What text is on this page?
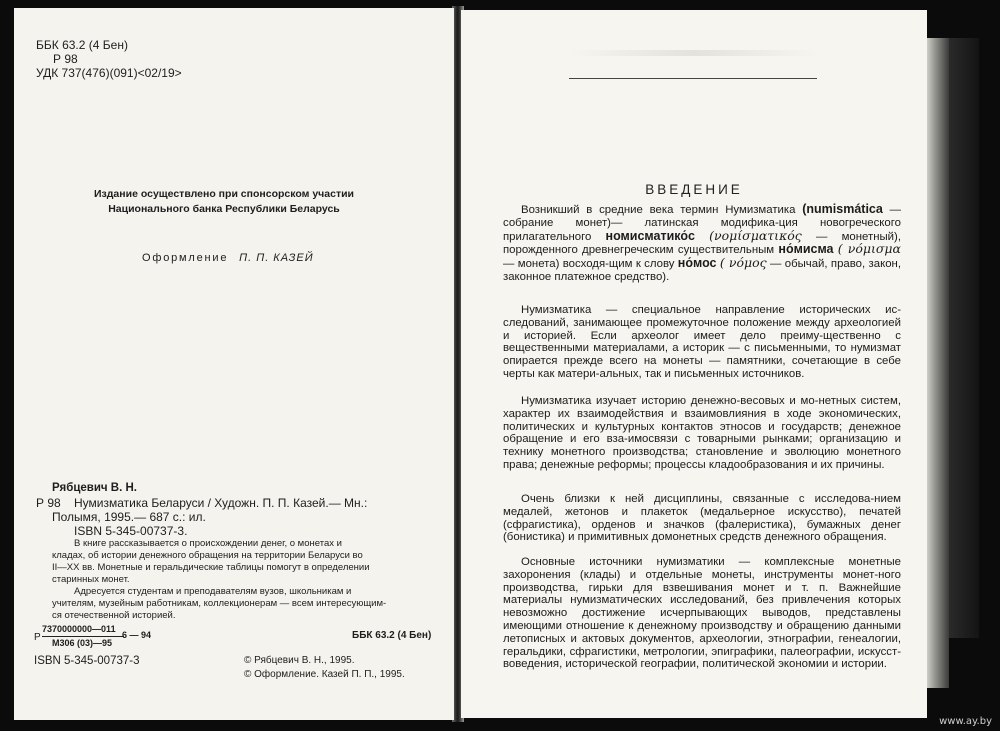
ББК 63.2 (4 Бен)
Р 98
УДК 737(476)(091)<02/19>
Издание осуществлено при спонсорском участии
Национального банка Республики Беларусь
Оформление П. П. КАЗЕЙ
Рябцевич В. Н.
Р 98 Нумизматика Беларуси / Художн. П. П. Казей.— Мн.:
Полымя, 1995.— 687 с.: ил.
ISBN 5-345-00737-3.
В книге рассказывается о происхождении денег, о монетах и
кладах, об истории денежного обращения на территории Беларуси во
II—XX вв. Монетные и геральдические таблицы помогут в определении
старинных монет.
Адресуется студентам и преподавателям вузов, школьникам и
учителям, музейным работникам, коллекционерам — всем интересующим-
ся отечественной историей.
Р
7370000000—011
М306 (03)—95
6 — 94	ББК 63.2 (4 Бен)
ISBN 5-345-00737-3	© Рябцевич В. Н., 1995.
© Оформление. Казей П. П., 1995.
ВВЕДЕНИЕ

Возникший в средние века термин Нумизматика (numismática — собрание монет)— латинская модифика-ция новогреческого прилагательного номисматико́с (νομίσματικός — монетный), порожденного древнегреческим существительным но́мисма ( νόμισμα — монета) восходя-щим к слову но́мос ( νόμος — обычай, право, закон, законное платежное средство).

Нумизматика — специальное направление исторических ис-следований, занимающее промежуточное положение между археологией и историей. Если археолог имеет дело преиму-щественно с вещественными материалами, а историк — с письменными, то нумизмат опирается прежде всего на монеты — памятники, сочетающие в себе черты как матери-альных, так и письменных источников.

Нумизматика изучает историю денежно-весовых и мо-нетных систем, характер их взаимодействия и взаимовлияния в ходе экономических, политических и культурных контактов этносов и государств; денежное обращение и его вза-имосвязи с товарными рынками; организацию и технику монетного производства; становление и эволюцию монетного права; денежные реформы; процессы кладообразования и их причины.

Очень близки к ней дисциплины, связанные с исследова-нием медалей, жетонов и плакеток (медальерное искусство), печатей (сфрагистика), орденов и значков (фалеристика), бумажных денег (бонистика) и примитивных домонетных средств денежного обращения.

Основные источники нумизматики — комплексные монетные захоронения (клады) и отдельные монеты, инструменты монет-ного производства, гирьки для взвешивания монет и т. п. Важнейшие материалы нумизматических исследований, без привлечения которых невозможно достижение исчерпывающих выводов, представлены имеющими отношение к денежному производству и обращению данными летописных и актовых документов, археологии, этнографии, генеалогии, геральдики, сфрагистики, метрологии, эпиграфики, палеографии, искусст-воведения, исторической географии, политической экономии и истории.

www.ay.by
